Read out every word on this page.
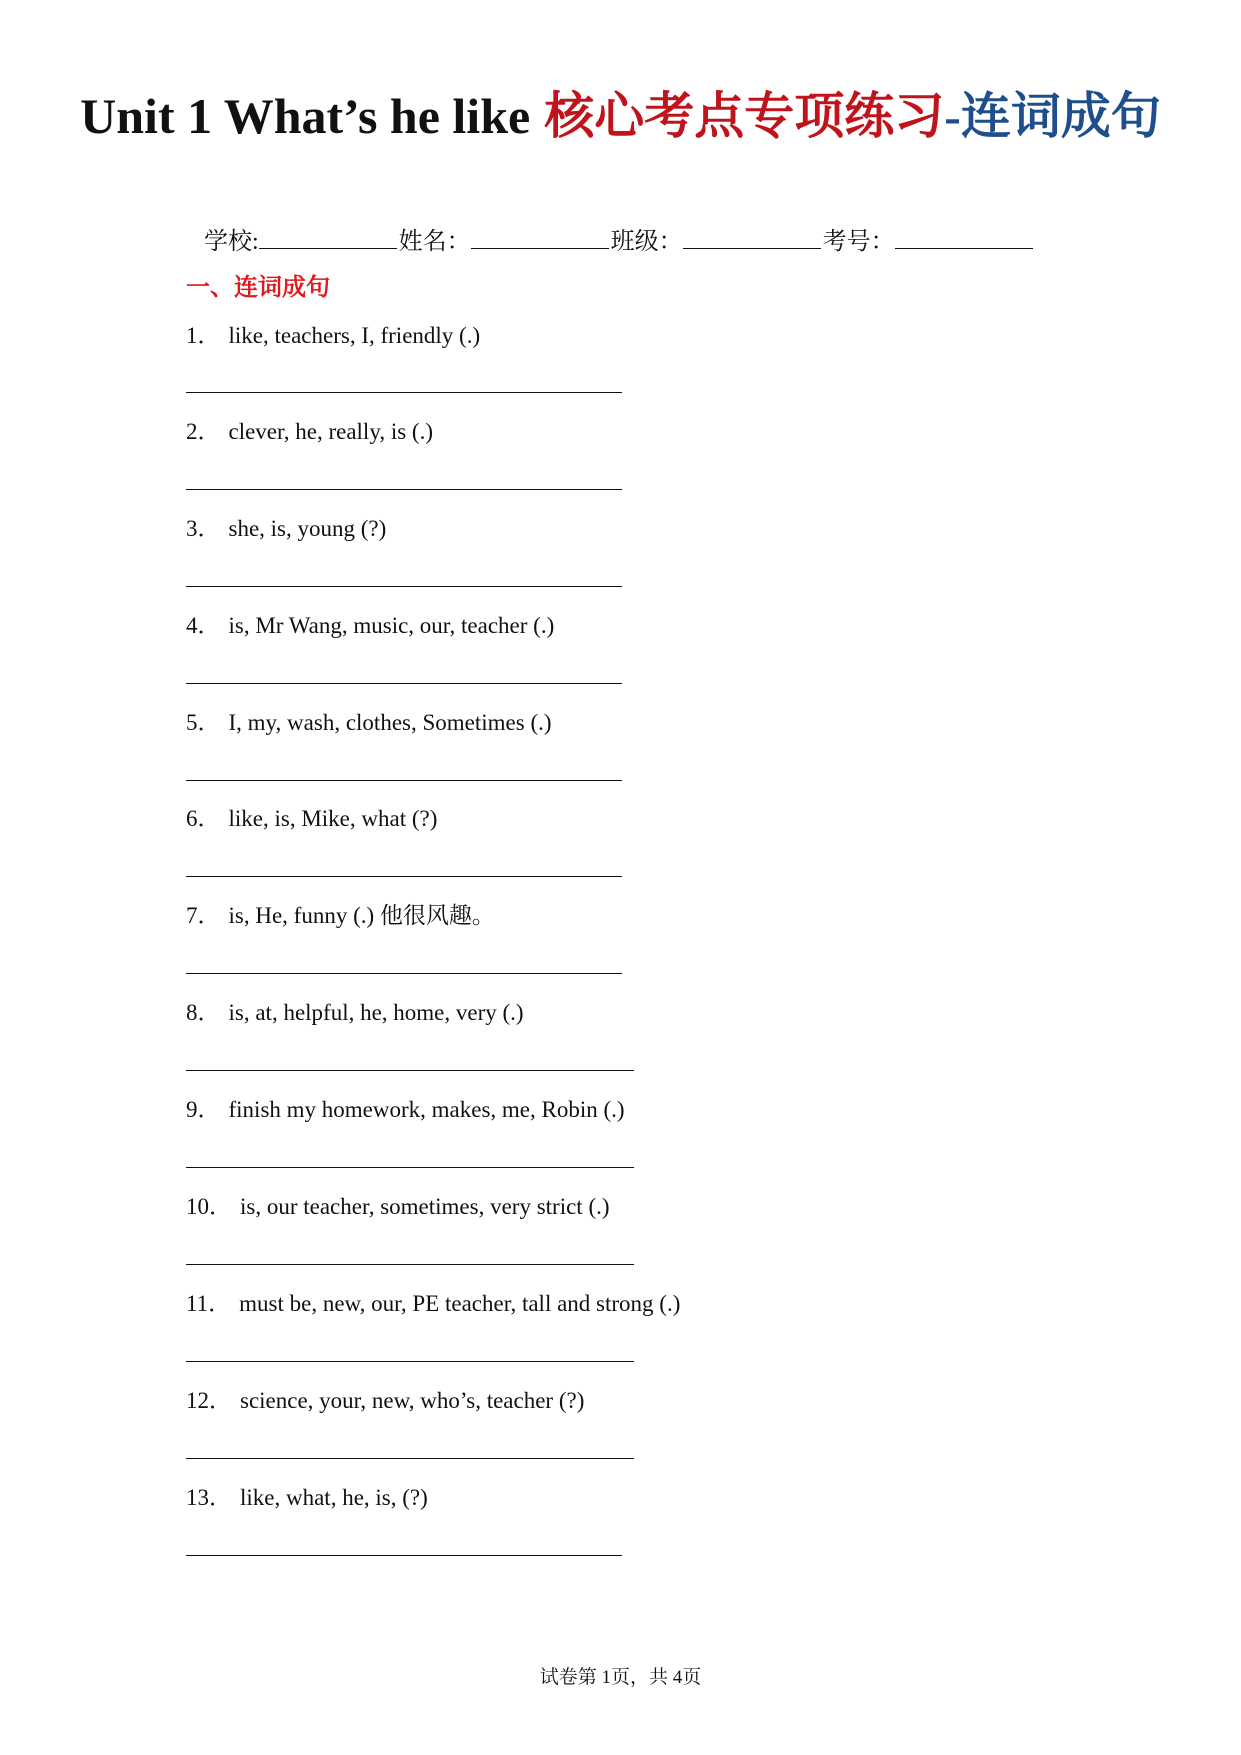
Unit 1 What’s he like 核心考点专项练习-连词成句
学校:	姓名：	班级：	考号：
一、连词成句
1． like, teachers, I, friendly (.)
2． clever, he, really, is (.)
3． she, is, young (?)
4． is, Mr Wang, music, our, teacher (.)
5． I, my, wash, clothes, Sometimes (.)
6． like, is, Mike, what (?)
7． is, He, funny (.) 他很风趣。
8． is, at, helpful, he, home, very (.)
9． finish my homework, makes, me, Robin (.)
10． is, our teacher, sometimes, very strict (.)
11． must be, new, our, PE teacher, tall and strong (.)
12． science, your, new, who’s, teacher (?)
13． like, what, he, is, (?)
试卷第 1页，共 4页
